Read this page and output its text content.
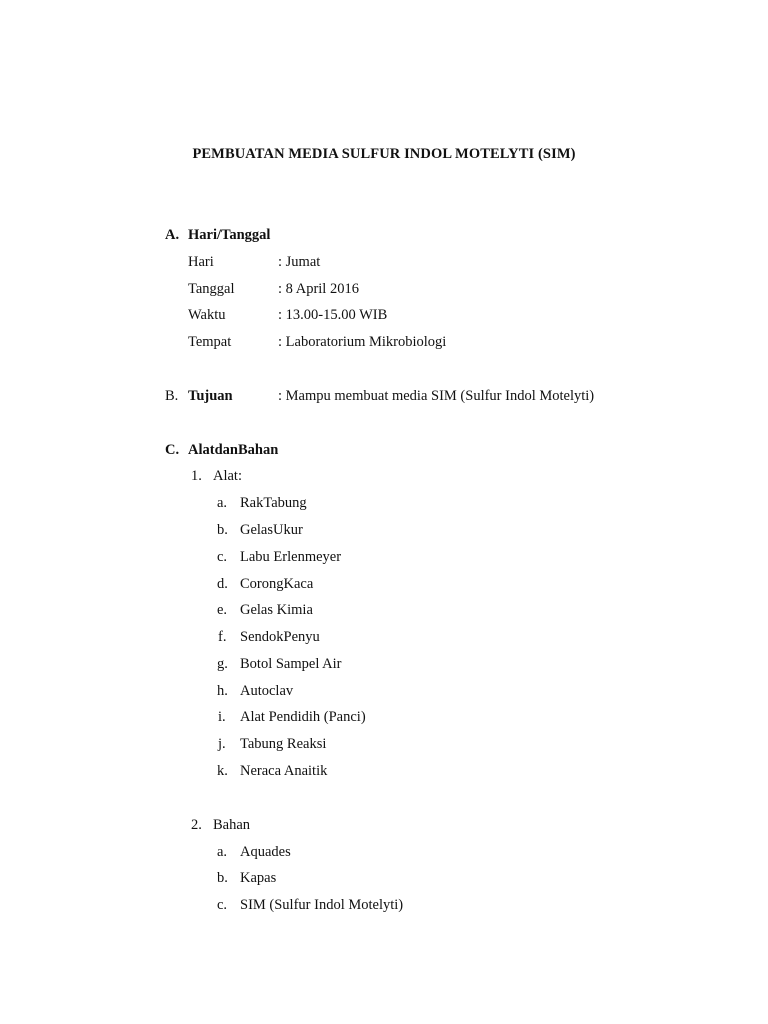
PEMBUATAN MEDIA SULFUR INDOL MOTELYTI (SIM)
A. Hari/Tanggal
Hari	: Jumat
Tanggal	: 8 April 2016
Waktu	: 13.00-15.00 WIB
Tempat	: Laboratorium Mikrobiologi
B. Tujuan	: Mampu membuat media SIM (Sulfur Indol Motelyti)
C. AlatdanBahan
1. Alat:
a. RakTabung
b. GelasUkur
c. Labu Erlenmeyer
d. CorongKaca
e. Gelas Kimia
f. SendokPenyu
g. Botol Sampel Air
h. Autoclav
i. Alat Pendidih (Panci)
j. Tabung Reaksi
k. Neraca Anaitik
2. Bahan
a. Aquades
b. Kapas
c. SIM (Sulfur Indol Motelyti)
